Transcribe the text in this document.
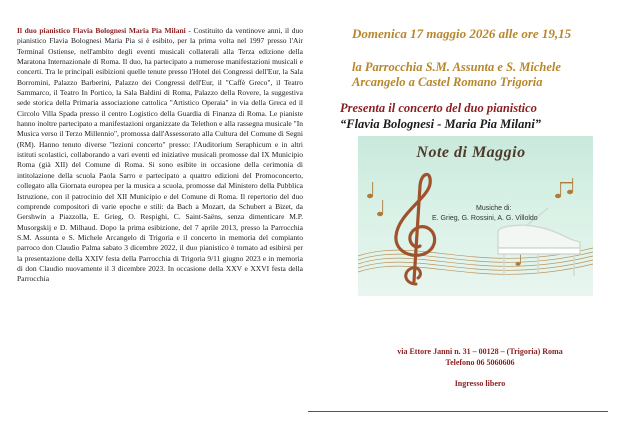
Il duo pianistico Flavia Bolognesi Maria Pia Milani - Costituito da ventinove anni, il duo pianistico Flavia Bolognesi Maria Pia si è esibito, per la prima volta nel 1997 presso l'Air Terminal Ostiense, nell'ambito degli eventi musicali collaterali alla Terza edizione della Maratona Internazionale di Roma. Il duo, ha partecipato a numerose manifestazioni musicali e concerti. Tra le principali esibizioni quelle tenute presso l'Hotel dei Congressi dell'Eur, la Sala Borromini, Palazzo Barberini, Palazzo dei Congressi dell'Eur, il "Caffè Greco", il Teatro Sammarco, il Teatro In Portico, la Sala Baldini di Roma, Palazzo della Rovere, la suggestiva sede storica della Primaria associazione cattolica "Artistico Operaia" in via della Greca ed il Circolo Villa Spada presso il centro Logistico della Guardia di Finanza di Roma. Le pianiste hanno inoltre partecipato a manifestazioni organizzate da Telethon e alla rassegna musicale "In Musica verso il Terzo Millennio", promossa dall'Assessorato alla Cultura del Comune di Segni (RM). Hanno tenuto diverse "lezioni concerto" presso: l'Auditorium Seraphicum e in altri istituti scolastici, collaborando a vari eventi ed iniziative musicali promosse dal IX Municipio Roma (già XII) del Comune di Roma. Si sono esibite in occasione della cerimonia di intitolazione della scuola Paola Sarro e partecipato a quattro edizioni del Promoconcerto, collegato alla Giornata europea per la musica a scuola, promosse dal Ministero della Pubblica Istruzione, con il patrocinio del XII Municipio e del Comune di Roma. Il repertorio del duo comprende compositori di varie epoche e stili: da Bach a Mozart, da Schubert a Bizet, da Gershwin a Piazzolla, E. Grieg, O. Respighi, C. Saint-Saëns, senza dimenticare M.P. Musorgskij e D. Milhaud. Dopo la prima esibizione, del 7 aprile 2013, presso la Parrocchia S.M. Assunta e S. Michele Arcangelo di Trigoria e il concerto in memoria del compianto parroco don Claudio Palma sabato 3 dicembre 2022, il duo pianistico è tornato ad esibirsi per la presentazione della XXIV festa della Parrocchia di Trigoria 9/11 giugno 2023 e in memoria di don Claudio nuovamente il 3 dicembre 2023. In occasione della XXV e XXVI festa della Parrocchia
Domenica 17 maggio 2026 alle ore 19,15
la Parrocchia S.M. Assunta e S. Michele
Arcangelo a Castel Romano Trigoria
Presenta il concerto del duo pianistico
“Flavia Bolognesi - Maria Pia Milani”
Note di Maggio
Musiche di:
E. Grieg, G. Rossini, A. G. Villoldo
via Ettore Janni n. 31 – 00128 – (Trigoria) Roma
Telefono 06 5060606
Ingresso libero
